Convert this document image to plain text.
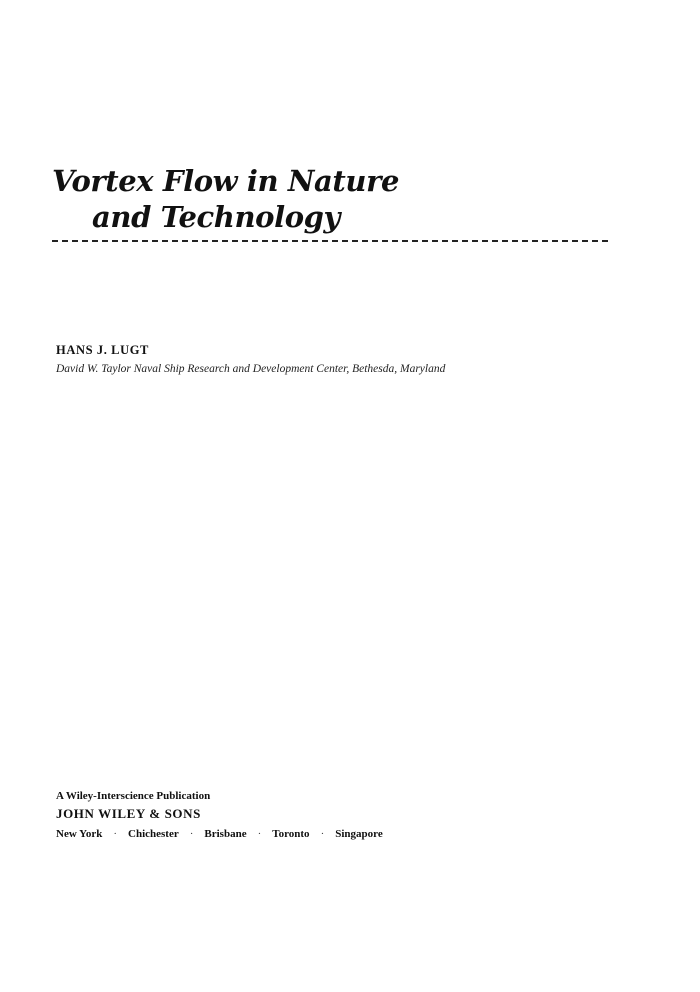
Vortex Flow in Nature
and Technology
HANS J. LUGT
David W. Taylor Naval Ship Research and Development Center, Bethesda, Maryland
A Wiley-Interscience Publication
JOHN WILEY & SONS
New York · Chichester · Brisbane · Toronto · Singapore
